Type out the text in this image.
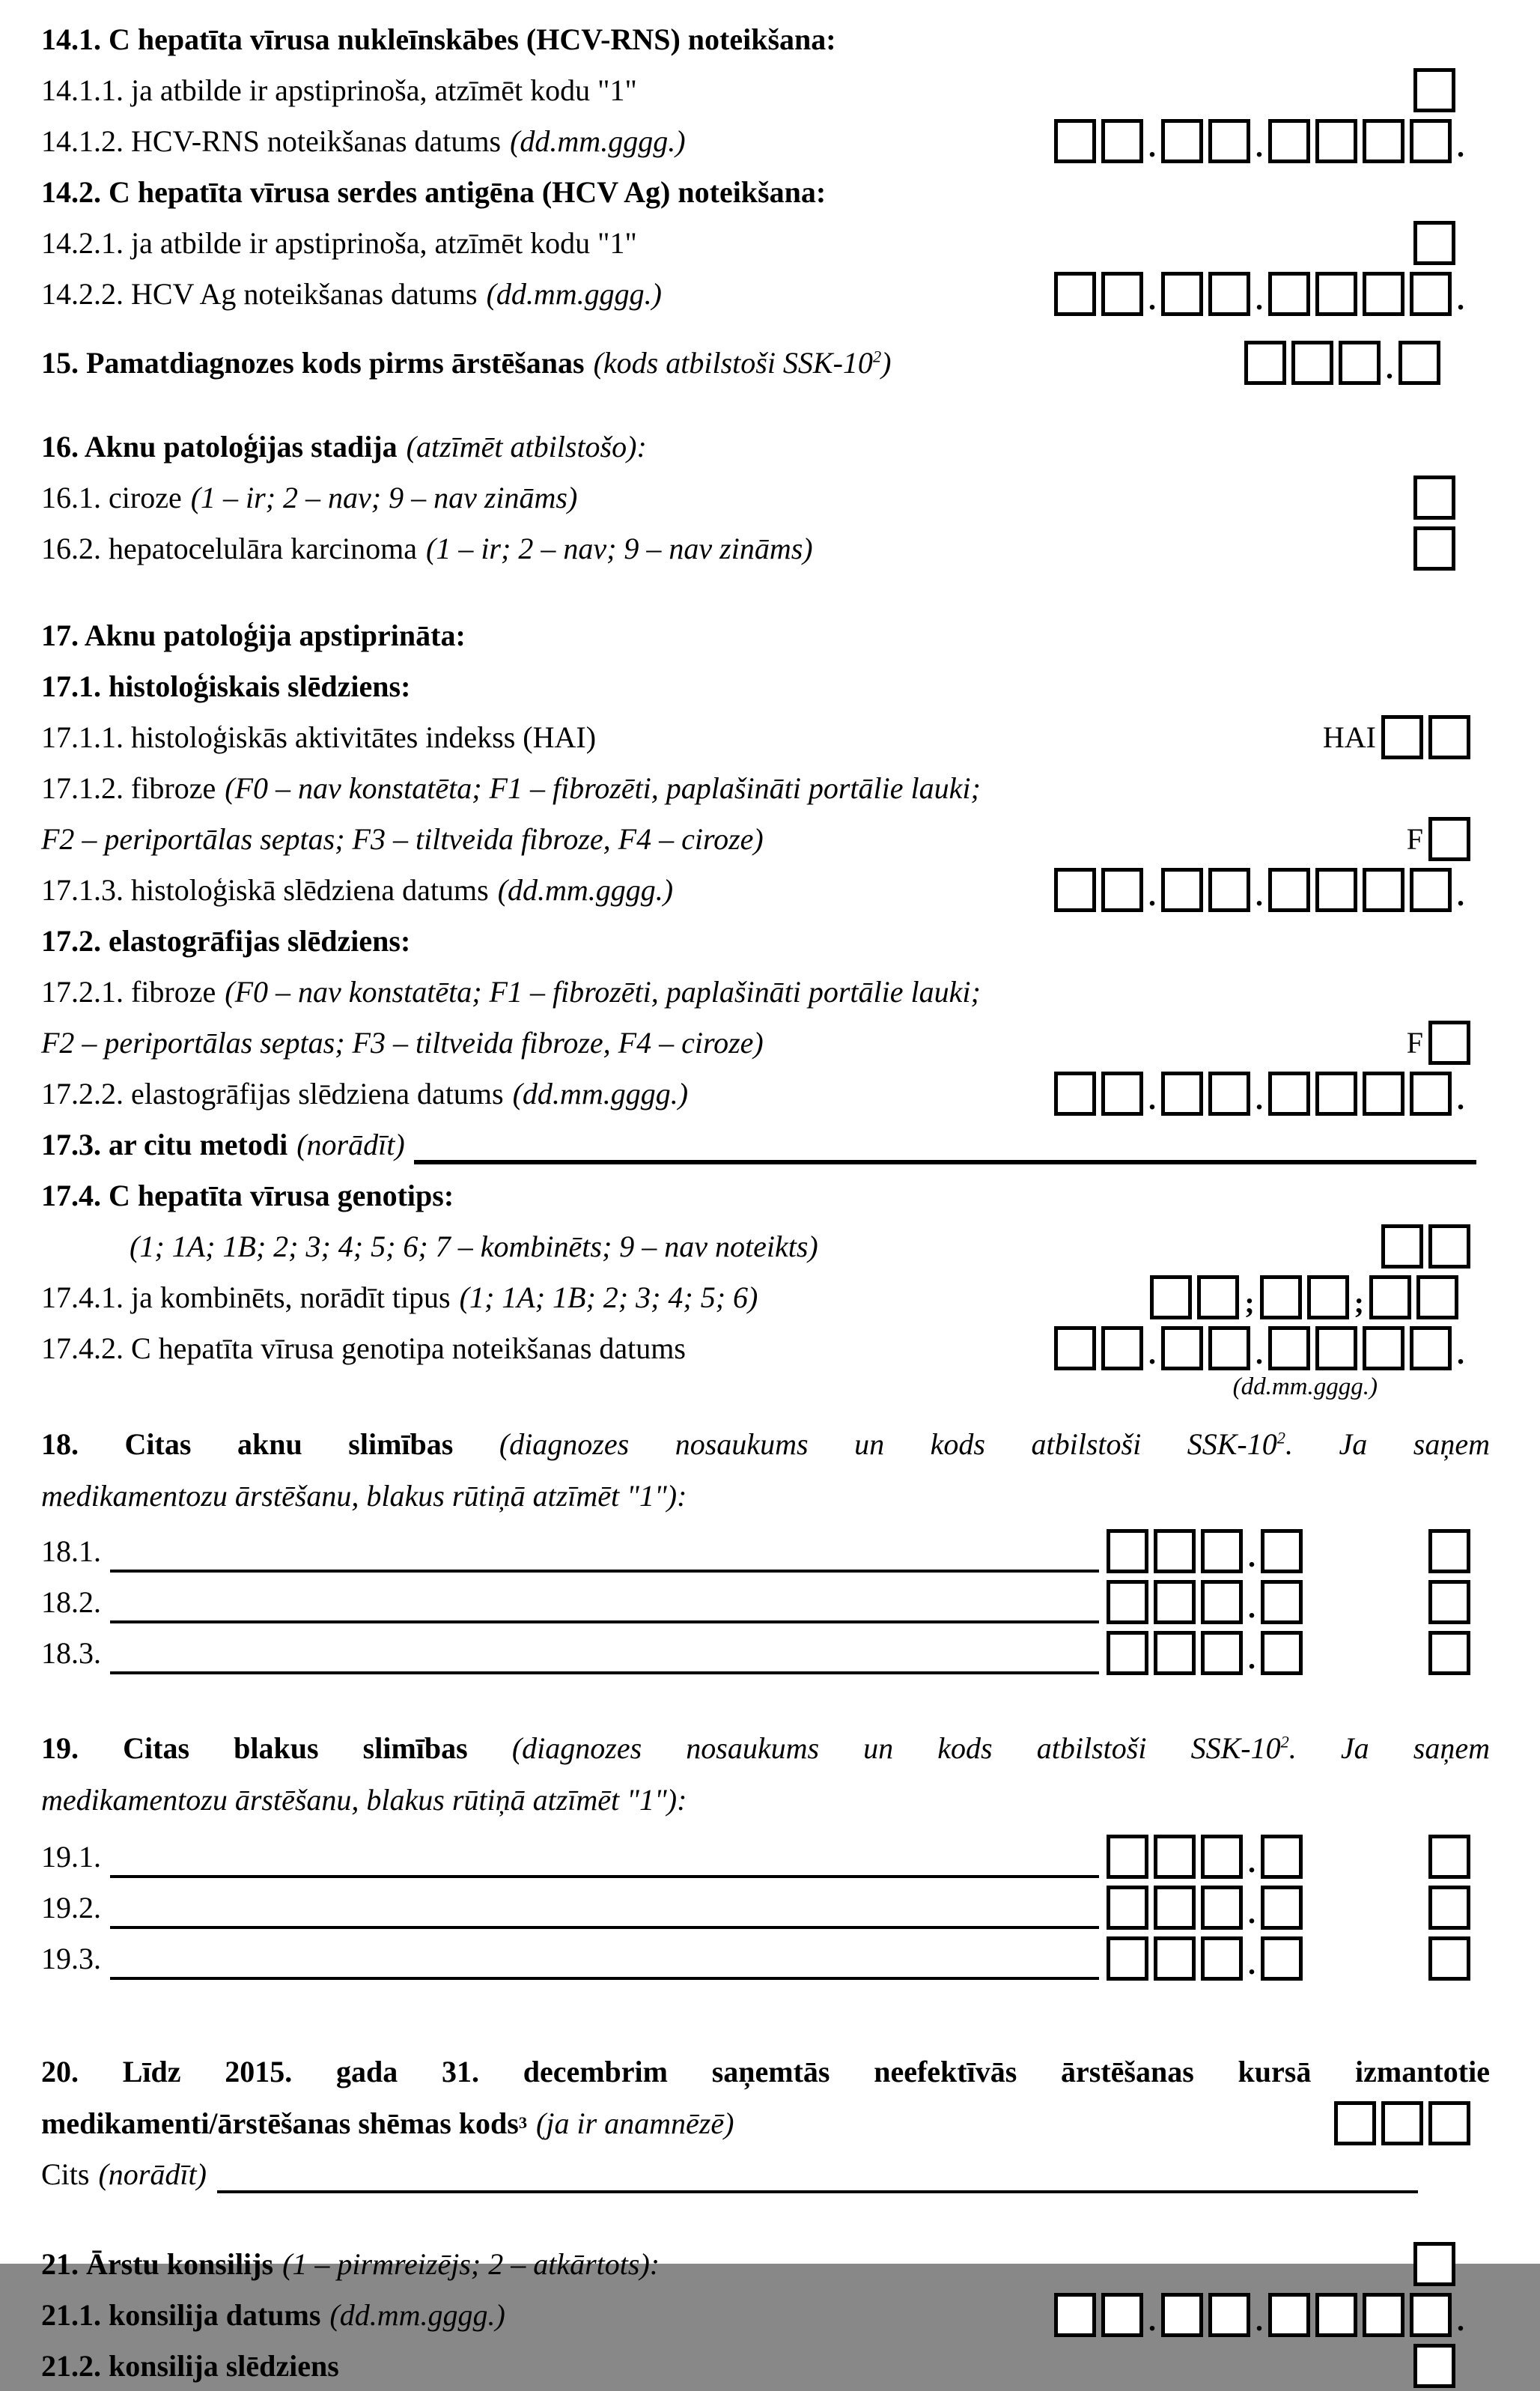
14.1. C hepatīta vīrusa nukleīnskābes (HCV-RNS) noteikšana:
14.1.1. ja atbilde ir apstiprinoša, atzīmēt kodu "1"
14.1.2. HCV-RNS noteikšanas datums (dd.mm.gggg.)	.	.	.
14.2. C hepatīta vīrusa serdes antigēna (HCV Ag) noteikšana:
14.2.1. ja atbilde ir apstiprinoša, atzīmēt kodu "1"
14.2.2. HCV Ag noteikšanas datums (dd.mm.gggg.)	.	.	.
15. Pamatdiagnozes kods pirms ārstēšanas (kods atbilstoši SSK-$10^2$)	.
16. Aknu patoloģijas stadija (atzīmēt atbilstošo):
16.1. ciroze (1 – ir; 2 – nav; 9 – nav zināms)
16.2. hepatocelulāra karcinoma (1 – ir; 2 – nav; 9 – nav zināms)
17. Aknu patoloģija apstiprināta:
17.1. histoloģiskais slēdziens:
17.1.1. histoloģiskās aktivitātes indekss (HAI)	HAI
17.1.2. fibroze (F0 – nav konstatēta; F1 – fibrozēti, paplašināti portālie lauki;
F2 – periportālas septas; F3 – tiltveida fibroze, F4 – ciroze)	F
17.1.3. histoloģiskā slēdziena datums (dd.mm.gggg.)	.	.	.
17.2. elastogrāfijas slēdziens:
17.2.1. fibroze (F0 – nav konstatēta; F1 – fibrozēti, paplašināti portālie lauki;
F2 – periportālas septas; F3 – tiltveida fibroze, F4 – ciroze)	F
17.2.2. elastogrāfijas slēdziena datums (dd.mm.gggg.)	.	.	.
17.3. ar citu metodi (norādīt)
17.4. C hepatīta vīrusa genotips:
(1; 1A; 1B; 2; 3; 4; 5; 6; 7 – kombinēts; 9 – nav noteikts)
17.4.1. ja kombinēts, norādīt tipus (1; 1A; 1B; 2; 3; 4; 5; 6)	;	;
17.4.2. C hepatīta vīrusa genotipa noteikšanas datums	.	.	.
(dd.mm.gggg.)
18. Citas aknu slimības (diagnozes nosaukums un kods atbilstoši SSK-$10^2$. Ja saņem
medikamentozu ārstēšanu, blakus rūtiņā atzīmēt "1"):
18.1.	.
18.2.	.
18.3.	.
19. Citas blakus slimības (diagnozes nosaukums un kods atbilstoši SSK-$10^2$. Ja saņem
medikamentozu ārstēšanu, blakus rūtiņā atzīmēt "1"):
19.1.	.
19.2.	.
19.3.	.
20. Līdz 2015. gada 31. decembrim saņemtās neefektīvās ārstēšanas kursā izmantotie
medikamenti/ārstēšanas shēmas kods 3 (ja ir anamnēzē)
Cits (norādīt)
21. Ārstu konsilijs (1 – pirmreizējs; 2 – atkārtots):
21.1. konsilija datums (dd.mm.gggg.)	.	.	.
21.2. konsilija slēdziens
